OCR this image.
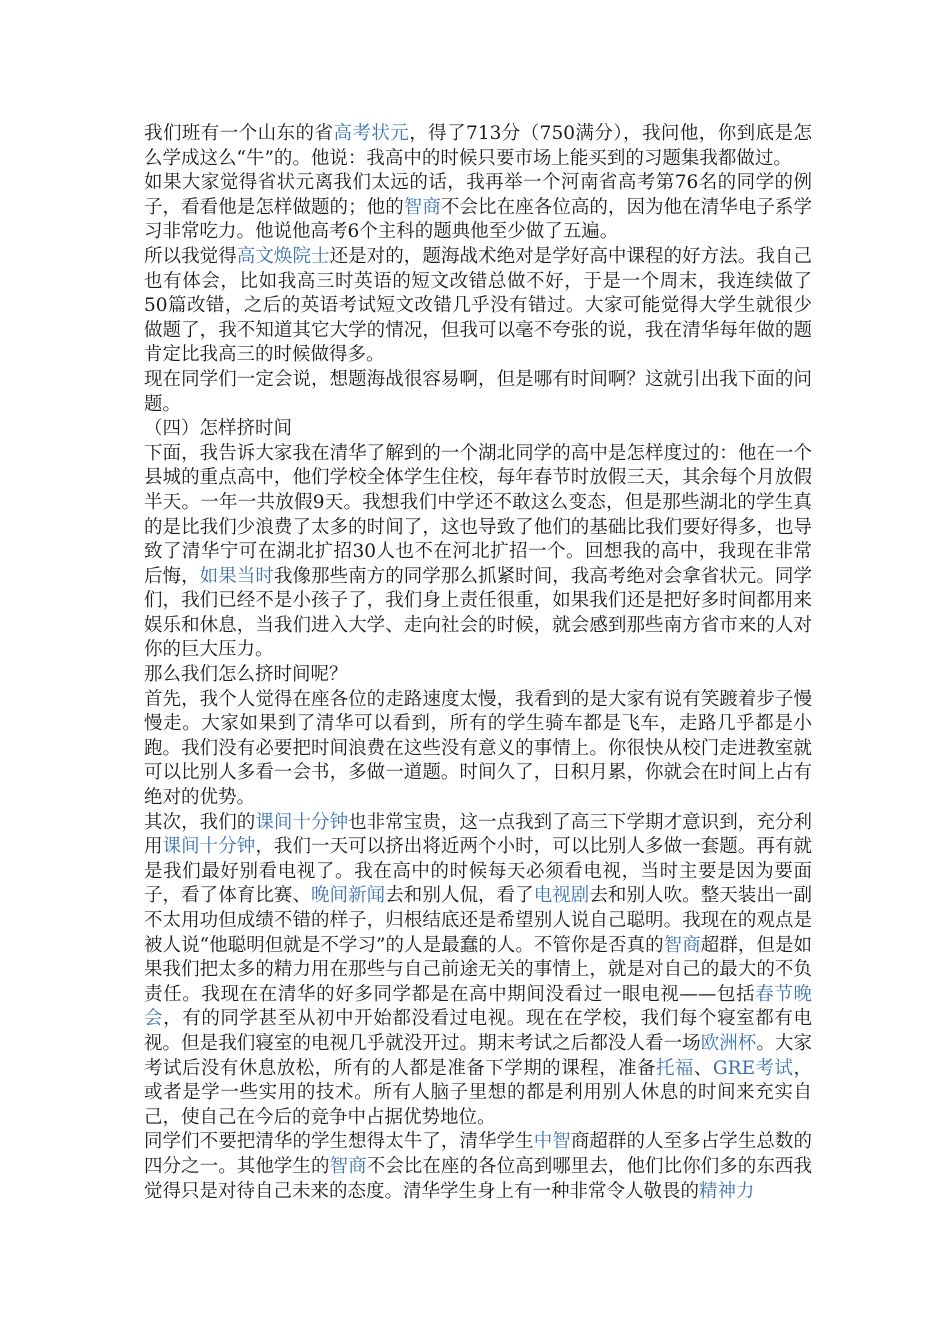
我们班有一个山东的省高考状元，得了713分（750满分），我问他，你到底是怎么学成这么“牛”的。他说：我高中的时候只要市场上能买到的习题集我都做过。

如果大家觉得省状元离我们太远的话，我再举一个河南省高考第76名的同学的例子，看看他是怎样做题的；他的智商不会比在座各位高的，因为他在清华电子系学习非常吃力。他说他高考6个主科的题典他至少做了五遍。

所以我觉得高文焕院士还是对的，题海战术绝对是学好高中课程的好方法。我自己也有体会，比如我高三时英语的短文改错总做不好，于是一个周末，我连续做了50篇改错，之后的英语考试短文改错几乎没有错过。大家可能觉得大学生就很少做题了，我不知道其它大学的情况，但我可以毫不夸张的说，我在清华每年做的题肯定比我高三的时候做得多。

现在同学们一定会说，想题海战很容易啊，但是哪有时间啊？这就引出我下面的问题。

（四）怎样挤时间

下面，我告诉大家我在清华了解到的一个湖北同学的高中是怎样度过的：他在一个县城的重点高中，他们学校全体学生住校，每年春节时放假三天，其余每个月放假半天。一年一共放假9天。我想我们中学还不敢这么变态，但是那些湖北的学生真的是比我们少浪费了太多的时间了，这也导致了他们的基础比我们要好得多，也导致了清华宁可在湖北扩招30人也不在河北扩招一个。回想我的高中，我现在非常后悔，如果当时我像那些南方的同学那么抓紧时间，我高考绝对会拿省状元。同学们，我们已经不是小孩子了，我们身上责任很重，如果我们还是把好多时间都用来娱乐和休息，当我们进入大学、走向社会的时候，就会感到那些南方省市来的人对你的巨大压力。

那么我们怎么挤时间呢？

首先，我个人觉得在座各位的走路速度太慢，我看到的是大家有说有笑踱着步子慢慢走。大家如果到了清华可以看到，所有的学生骑车都是飞车，走路几乎都是小跑。我们没有必要把时间浪费在这些没有意义的事情上。你很快从校门走进教室就可以比别人多看一会书，多做一道题。时间久了，日积月累，你就会在时间上占有绝对的优势。

其次，我们的课间十分钟也非常宝贵，这一点我到了高三下学期才意识到，充分利用课间十分钟，我们一天可以挤出将近两个小时，可以比别人多做一套题。再有就是我们最好别看电视了。我在高中的时候每天必须看电视，当时主要是因为要面子，看了体育比赛、晚间新闻去和别人侃，看了电视剧去和别人吹。整天装出一副不太用功但成绩不错的样子，归根结底还是希望别人说自己聪明。我现在的观点是被人说“他聪明但就是不学习”的人是最蠢的人。不管你是否真的智商超群，但是如果我们把太多的精力用在那些与自己前途无关的事情上，就是对自己的最大的不负责任。我现在在清华的好多同学都是在高中期间没看过一眼电视——包括春节晚会，有的同学甚至从初中开始都没看过电视。现在在学校，我们每个寝室都有电视。但是我们寝室的电视几乎就没开过。期末考试之后都没人看一场欧洲杯。大家考试后没有休息放松，所有的人都是准备下学期的课程，准备托福、GRE考试，或者是学一些实用的技术。所有人脑子里想的都是利用别人休息的时间来充实自己，使自己在今后的竞争中占据优势地位。

同学们不要把清华的学生想得太牛了，清华学生中智商超群的人至多占学生总数的四分之一。其他学生的智商不会比在座的各位高到哪里去，他们比你们多的东西我觉得只是对待自己未来的态度。清华学生身上有一种非常令人敬畏的精神力
